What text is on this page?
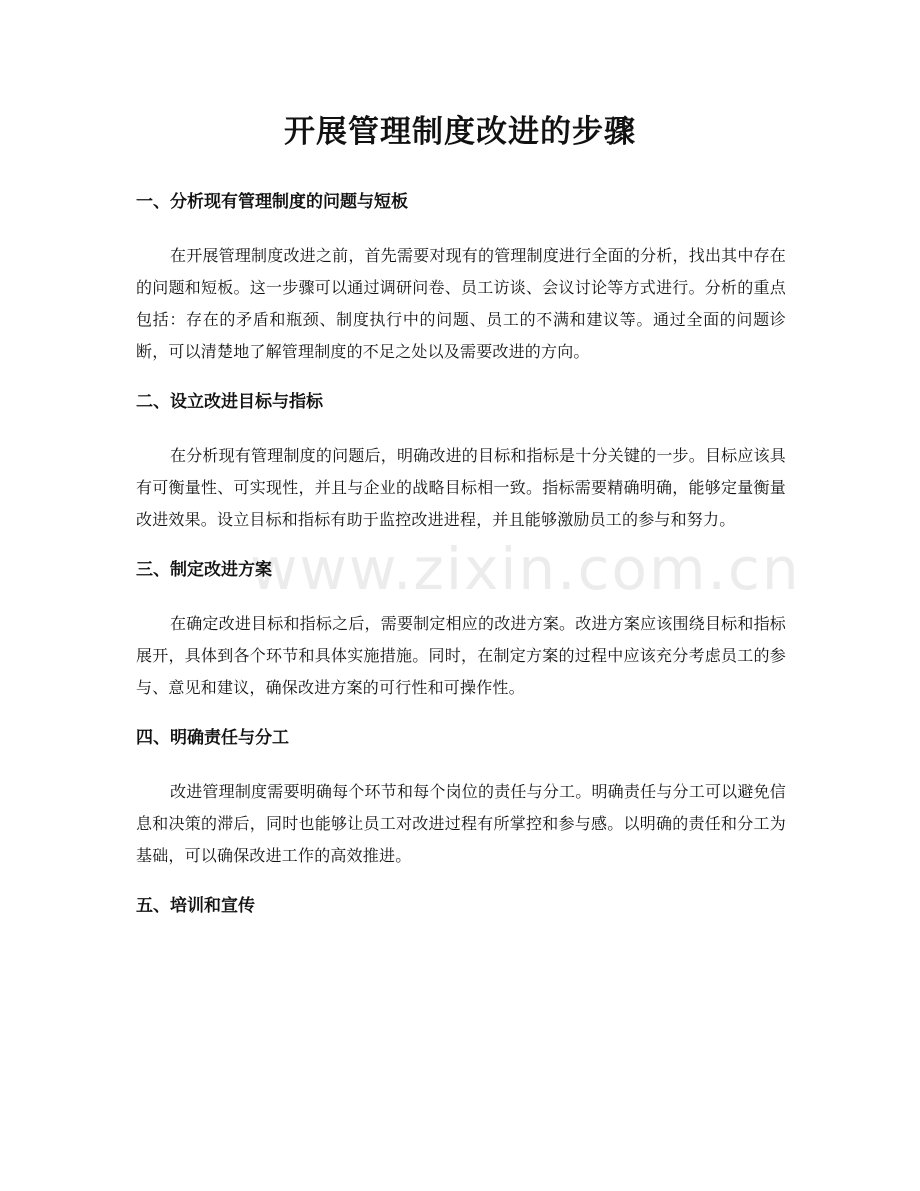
开展管理制度改进的步骤
www.zixin.com.cn
一、分析现有管理制度的问题与短板

在开展管理制度改进之前，首先需要对现有的管理制度进行全面的分析，找出其中存在的问题和短板。这一步骤可以通过调研问卷、员工访谈、会议讨论等方式进行。分析的重点包括：存在的矛盾和瓶颈、制度执行中的问题、员工的不满和建议等。通过全面的问题诊断，可以清楚地了解管理制度的不足之处以及需要改进的方向。

二、设立改进目标与指标

在分析现有管理制度的问题后，明确改进的目标和指标是十分关键的一步。目标应该具有可衡量性、可实现性，并且与企业的战略目标相一致。指标需要精确明确，能够定量衡量改进效果。设立目标和指标有助于监控改进进程，并且能够激励员工的参与和努力。

三、制定改进方案

在确定改进目标和指标之后，需要制定相应的改进方案。改进方案应该围绕目标和指标展开，具体到各个环节和具体实施措施。同时，在制定方案的过程中应该充分考虑员工的参与、意见和建议，确保改进方案的可行性和可操作性。

四、明确责任与分工

改进管理制度需要明确每个环节和每个岗位的责任与分工。明确责任与分工可以避免信息和决策的滞后，同时也能够让员工对改进过程有所掌控和参与感。以明确的责任和分工为基础，可以确保改进工作的高效推进。

五、培训和宣传
